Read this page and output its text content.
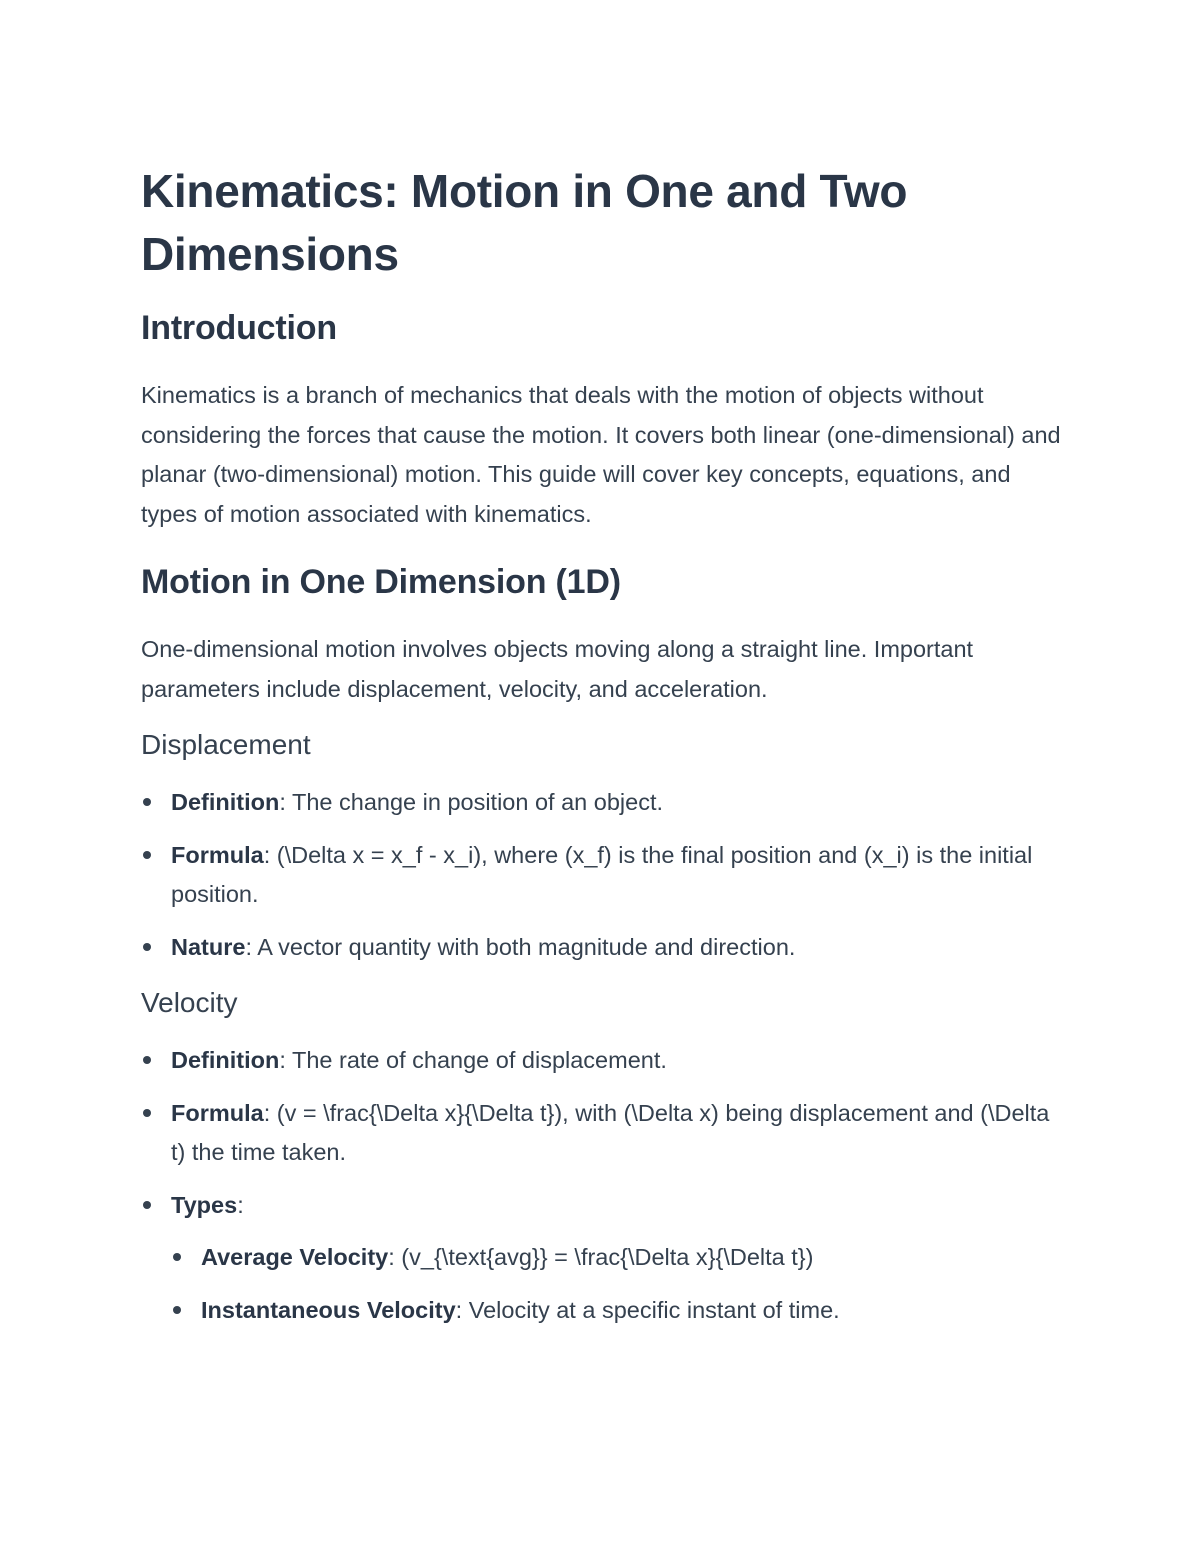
Kinematics: Motion in One and Two Dimensions
Introduction

Kinematics is a branch of mechanics that deals with the motion of objects without considering the forces that cause the motion. It covers both linear (one-dimensional) and planar (two-dimensional) motion. This guide will cover key concepts, equations, and types of motion associated with kinematics.

Motion in One Dimension (1D)

One-dimensional motion involves objects moving along a straight line. Important parameters include displacement, velocity, and acceleration.

Displacement
Definition: The change in position of an object.
Formula: (\Delta x = x_f - x_i), where (x_f) is the final position and (x_i) is the initial position.
Nature: A vector quantity with both magnitude and direction.
Velocity
Definition: The rate of change of displacement.
Formula: (v = \frac{\Delta x}{\Delta t}), with (\Delta x) being displacement and (\Delta t) the time taken.
Types:
Average Velocity: (v_{\text{avg}} = \frac{\Delta x}{\Delta t})
Instantaneous Velocity: Velocity at a specific instant of time.
